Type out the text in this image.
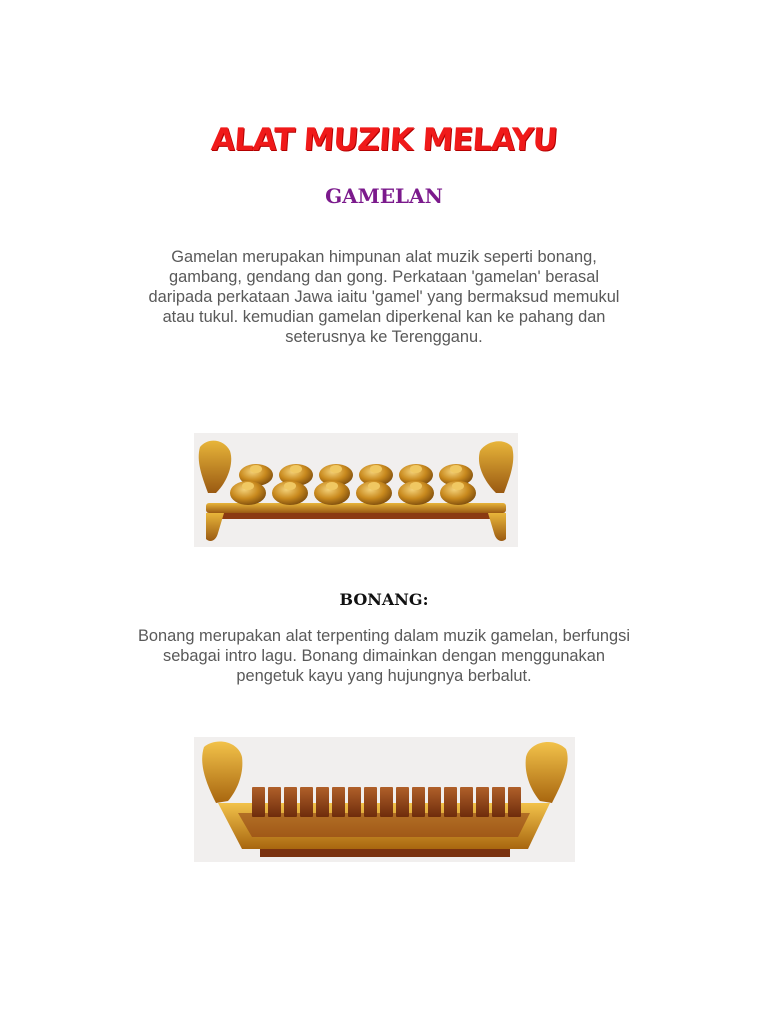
ALAT MUZIK MELAYU
GAMELAN
Gamelan merupakan himpunan alat muzik seperti bonang,
gambang, gendang dan gong. Perkataan 'gamelan' berasal
daripada perkataan Jawa iaitu 'gamel' yang bermaksud memukul
atau tukul. kemudian gamelan diperkenal kan ke pahang dan
seterusnya ke Terengganu.
BONANG:
Bonang merupakan alat terpenting dalam muzik gamelan, berfungsi
sebagai intro lagu. Bonang dimainkan dengan menggunakan
pengetuk kayu yang hujungnya berbalut.
